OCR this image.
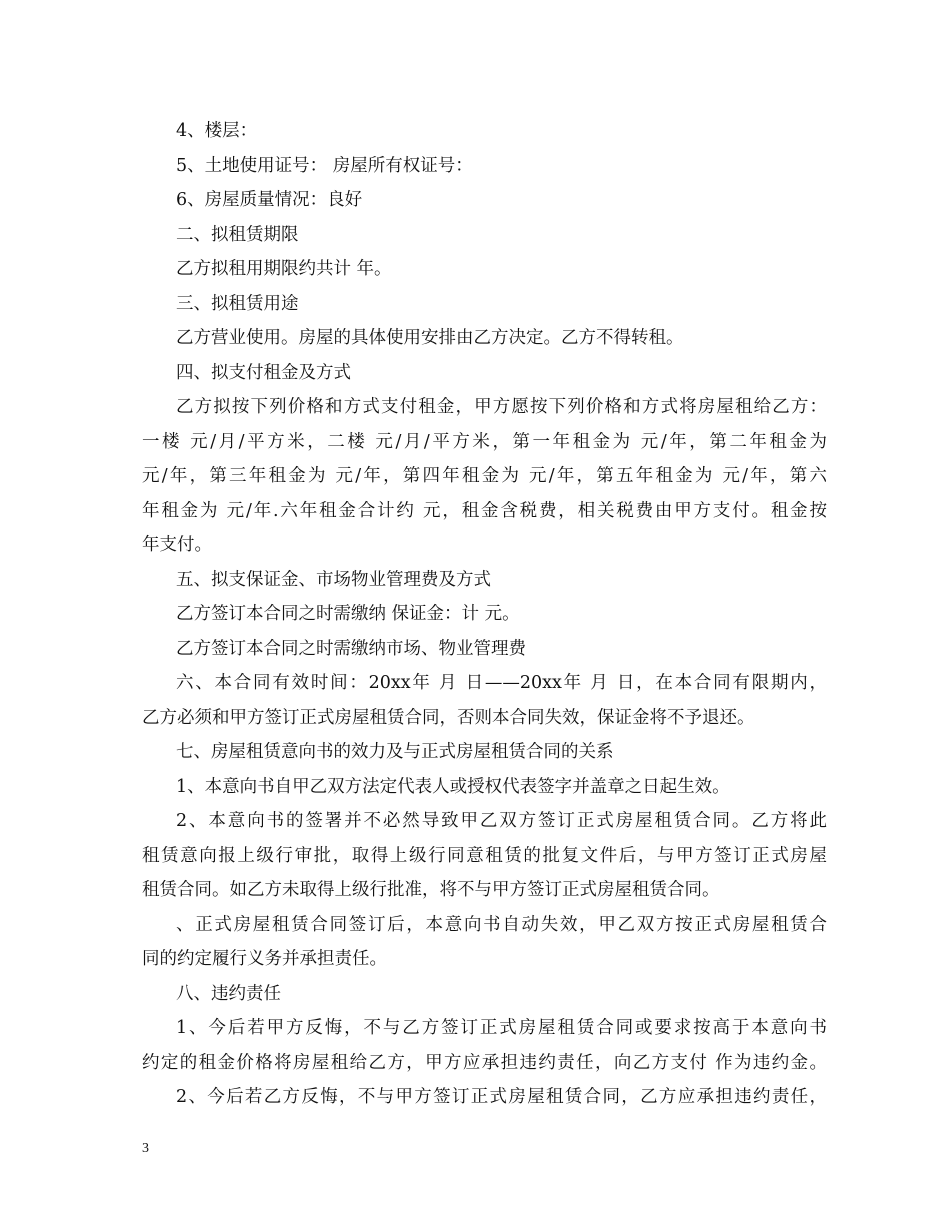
4、楼层：
5、土地使用证号： 房屋所有权证号：
6、房屋质量情况：良好
二、拟租赁期限
乙方拟租用期限约共计 年。
三、拟租赁用途
乙方营业使用。房屋的具体使用安排由乙方决定。乙方不得转租。
四、拟支付租金及方式
乙方拟按下列价格和方式支付租金，甲方愿按下列价格和方式将房屋租给乙方：
一楼 元/月/平方米，二楼 元/月/平方米，第一年租金为 元/年，第二年租金为
元/年，第三年租金为 元/年，第四年租金为 元/年，第五年租金为 元/年，第六
年租金为 元/年.六年租金合计约 元，租金含税费，相关税费由甲方支付。租金按
年支付。
五、拟支保证金、市场物业管理费及方式
乙方签订本合同之时需缴纳 保证金：计 元。
乙方签订本合同之时需缴纳市场、物业管理费
六、本合同有效时间：20xx年 月 日——20xx年 月 日，在本合同有限期内，
乙方必须和甲方签订正式房屋租赁合同，否则本合同失效，保证金将不予退还。
七、房屋租赁意向书的效力及与正式房屋租赁合同的关系
1、本意向书自甲乙双方法定代表人或授权代表签字并盖章之日起生效。
2、本意向书的签署并不必然导致甲乙双方签订正式房屋租赁合同。乙方将此
租赁意向报上级行审批，取得上级行同意租赁的批复文件后，与甲方签订正式房屋
租赁合同。如乙方未取得上级行批准，将不与甲方签订正式房屋租赁合同。
、正式房屋租赁合同签订后，本意向书自动失效，甲乙双方按正式房屋租赁合
同的约定履行义务并承担责任。
八、违约责任
1、今后若甲方反悔，不与乙方签订正式房屋租赁合同或要求按高于本意向书
约定的租金价格将房屋租给乙方，甲方应承担违约责任，向乙方支付 作为违约金。
2、今后若乙方反悔，不与甲方签订正式房屋租赁合同，乙方应承担违约责任，
3
